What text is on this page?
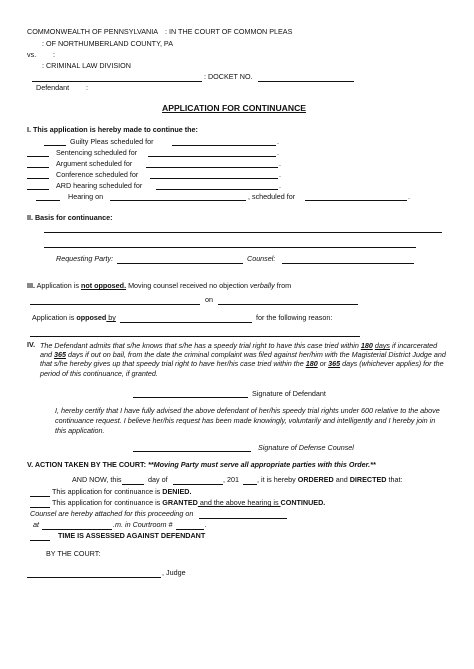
COMMONWEALTH OF PENNSYLVANIA : IN THE COURT OF COMMON PLEAS
: OF NORTHUMBERLAND COUNTY, PA
vs. :
: CRIMINAL LAW DIVISION
: DOCKET NO.
Defendant :
APPLICATION FOR CONTINUANCE
I. This application is hereby made to continue the:
Guilty Pleas scheduled for	.
Sentencing scheduled for	.
Argument scheduled for	.
Conference scheduled for	.
ARD hearing scheduled for	.
Hearing on	, scheduled for	.
II. Basis for continuance:
Requesting Party:	Counsel:
III. Application is not opposed. Moving counsel received no objection verbally from
on
Application is opposed by	for the following reason:
IV. The Defendant admits that s/he knows that s/he has a speedy trial right to have this case tried within 180 days if incarcerated and 365 days if out on bail, from the date the criminal complaint was filed against her/him with the Magisterial District Judge and that s/he hereby gives up that speedy trial right to have her/his case tried within the 180 or 365 days (whichever applies) for the period of this continuance, if granted.
Signature of Defendant
I, hereby certify that I have fully advised the above defendant of her/his speedy trial rights under 600 relative to the above continuance request. I believe her/his request has been made knowingly, voluntarily and intelligently and I hereby join in this application.
Signature of Defense Counsel
V. ACTION TAKEN BY THE COURT: **Moving Party must serve all appropriate parties with this Order.**
AND NOW, this	day of	, 201	, it is hereby ORDERED and DIRECTED that:
This application for continuance is DENIED.
This application for continuance is GRANTED and the above hearing is CONTINUED.
Counsel are hereby attached for this proceeding on
at	.m. in Courtroom #	.
TIME IS ASSESSED AGAINST DEFENDANT
BY THE COURT:
, Judge
